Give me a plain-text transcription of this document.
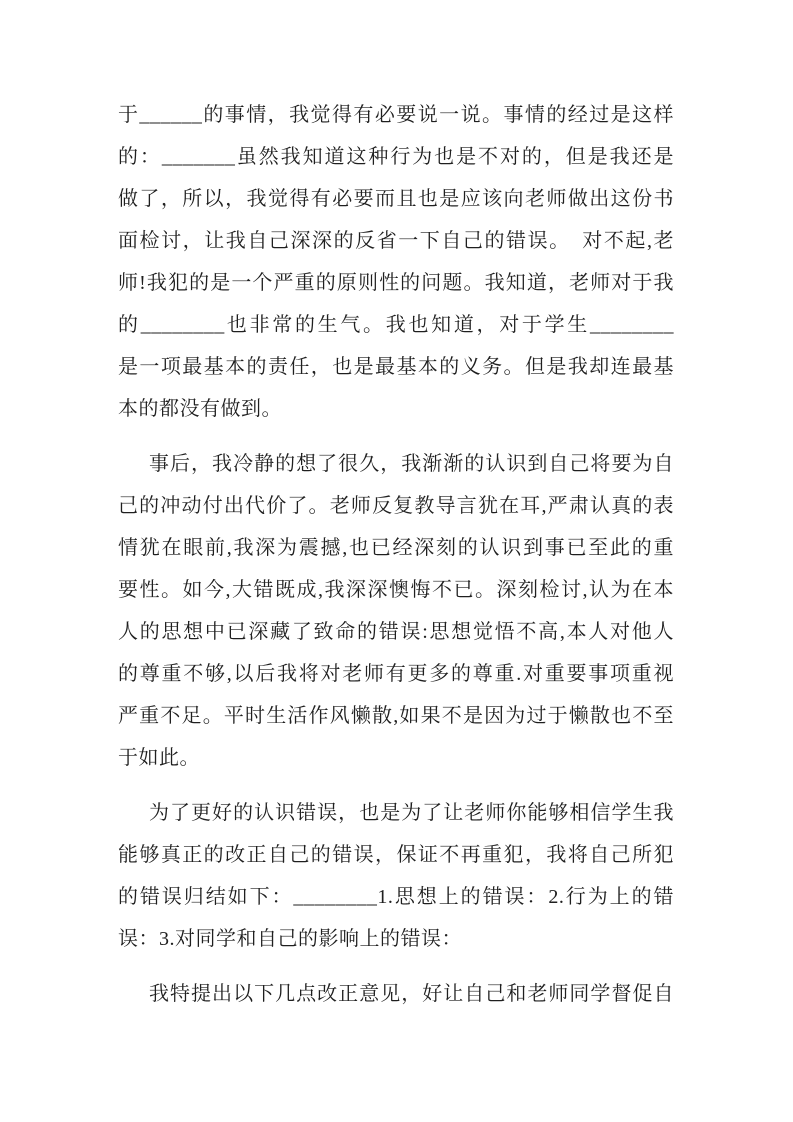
于______的事情，我觉得有必要说一说。事情的经过是这样
的：_______虽然我知道这种行为也是不对的，但是我还是
做了，所以，我觉得有必要而且也是应该向老师做出这份书
面检讨，让我自己深深的反省一下自己的错误。　对不起,老
师!我犯的是一个严重的原则性的问题。我知道，老师对于我
的________也非常的生气。我也知道，对于学生________
是一项最基本的责任，也是最基本的义务。但是我却连最基
本的都没有做到。
事后，我冷静的想了很久，我渐渐的认识到自己将要为自
己的冲动付出代价了。老师反复教导言犹在耳,严肃认真的表
情犹在眼前,我深为震撼,也已经深刻的认识到事已至此的重
要性。如今,大错既成,我深深懊悔不已。深刻检讨,认为在本
人的思想中已深藏了致命的错误:思想觉悟不高,本人对他人
的尊重不够,以后我将对老师有更多的尊重.对重要事项重视
严重不足。平时生活作风懒散,如果不是因为过于懒散也不至
于如此。
为了更好的认识错误，也是为了让老师你能够相信学生我
能够真正的改正自己的错误，保证不再重犯，我将自己所犯
的错误归结如下：________1.思想上的错误：2.行为上的错
误：3.对同学和自己的影响上的错误：
我特提出以下几点改正意见，好让自己和老师同学督促自
